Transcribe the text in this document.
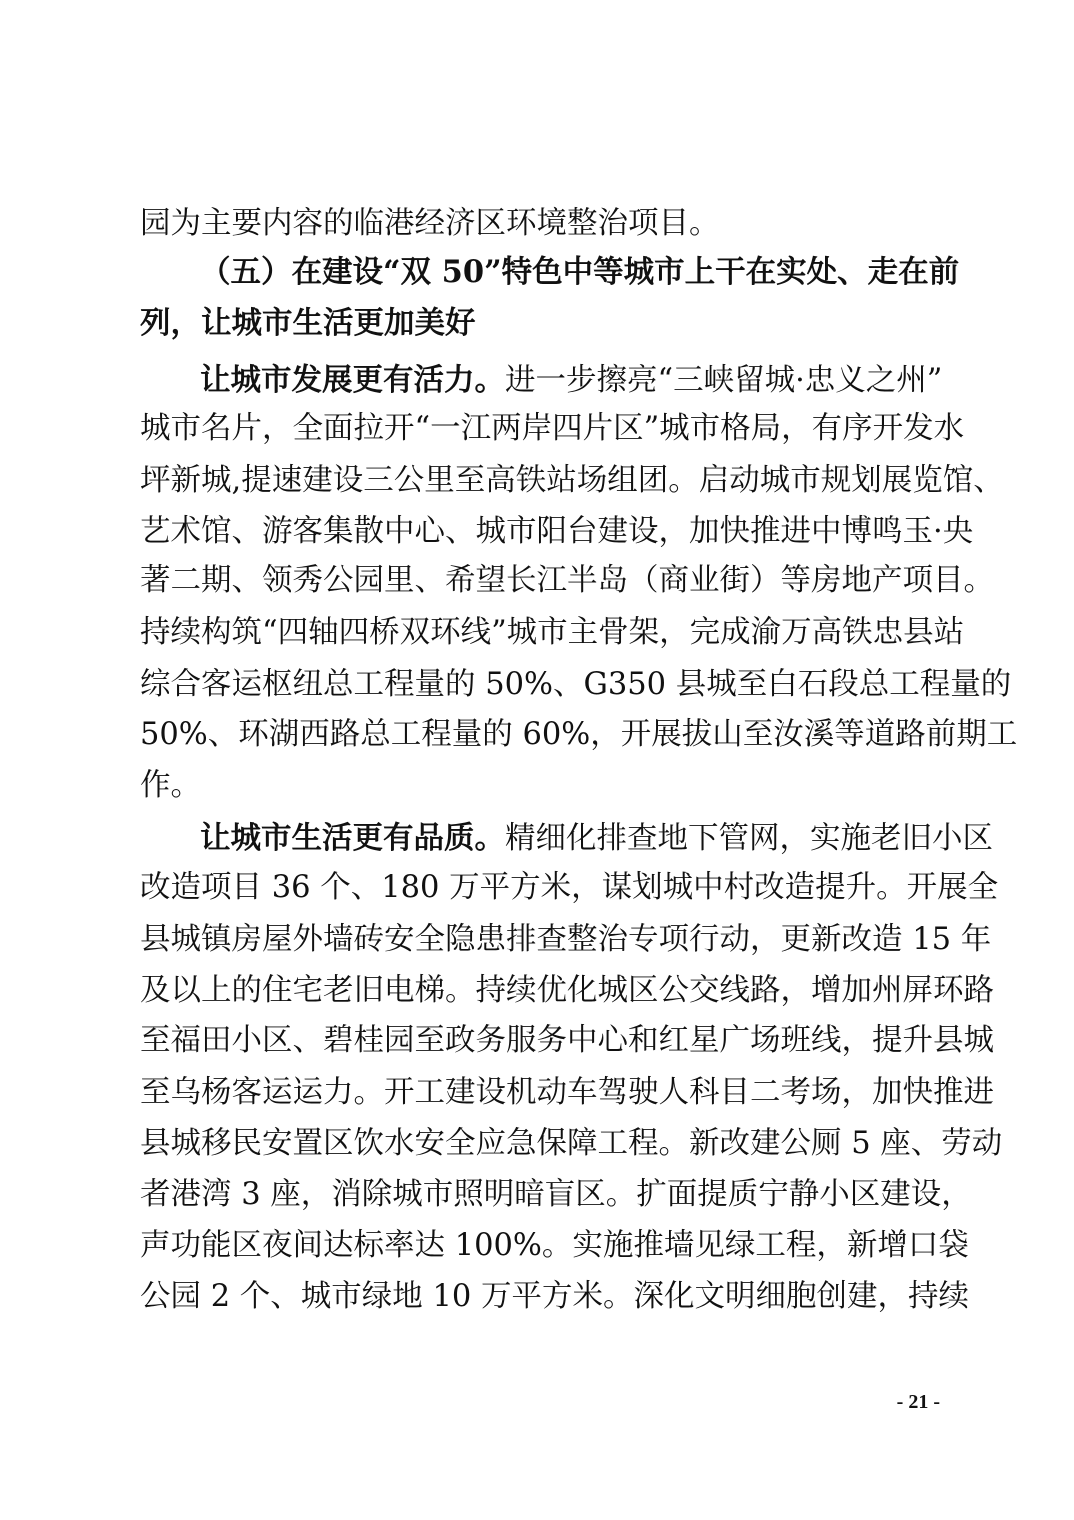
园为主要内容的临港经济区环境整治项目。
（五）在建设“双 50”特色中等城市上干在实处、走在前
列，让城市生活更加美好
让城市发展更有活力。进一步擦亮“三峡留城·忠义之州”
城市名片，全面拉开“一江两岸四片区”城市格局，有序开发水
坪新城,提速建设三公里至高铁站场组团。启动城市规划展览馆、
艺术馆、游客集散中心、城市阳台建设，加快推进中博鸣玉·央
著二期、领秀公园里、希望长江半岛（商业街）等房地产项目。
持续构筑“四轴四桥双环线”城市主骨架，完成渝万高铁忠县站
综合客运枢纽总工程量的 50%、G350 县城至白石段总工程量的
50%、环湖西路总工程量的 60%，开展拔山至汝溪等道路前期工
作。
让城市生活更有品质。精细化排查地下管网，实施老旧小区
改造项目 36 个、180 万平方米，谋划城中村改造提升。开展全
县城镇房屋外墙砖安全隐患排查整治专项行动，更新改造 15 年
及以上的住宅老旧电梯。持续优化城区公交线路，增加州屏环路
至福田小区、碧桂园至政务服务中心和红星广场班线，提升县城
至乌杨客运运力。开工建设机动车驾驶人科目二考场，加快推进
县城移民安置区饮水安全应急保障工程。新改建公厕 5 座、劳动
者港湾 3 座，消除城市照明暗盲区。扩面提质宁静小区建设，
声功能区夜间达标率达 100%。实施推墙见绿工程，新增口袋
公园 2 个、城市绿地 10 万平方米。深化文明细胞创建，持续
- 21 -
